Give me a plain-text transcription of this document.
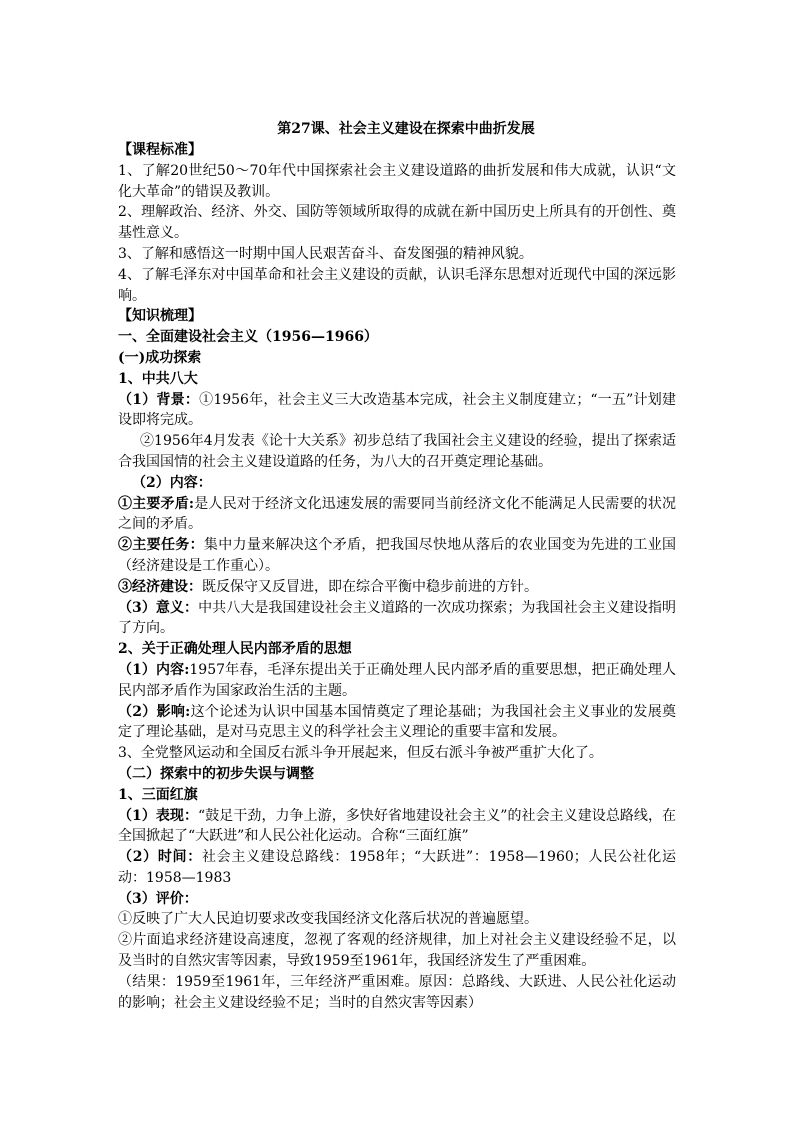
第27课、社会主义建设在探索中曲折发展
【课程标准】
1、了解20世纪50～70年代中国探索社会主义建设道路的曲折发展和伟大成就，认识“文化大革命”的错误及教训。
2、理解政治、经济、外交、国防等领域所取得的成就在新中国历史上所具有的开创性、奠基性意义。
3、了解和感悟这一时期中国人民艰苦奋斗、奋发图强的精神风貌。
4、了解毛泽东对中国革命和社会主义建设的贡献，认识毛泽东思想对近现代中国的深远影响。
【知识梳理】
一、全面建设社会主义（1956—1966）
(一)成功探索
1、中共八大
（1）背景：①1956年，社会主义三大改造基本完成，社会主义制度建立；“一五”计划建设即将完成。
②1956年4月发表《论十大关系》初步总结了我国社会主义建设的经验，提出了探索适合我国国情的社会主义建设道路的任务，为八大的召开奠定理论基础。
（2）内容：
①主要矛盾:是人民对于经济文化迅速发展的需要同当前经济文化不能满足人民需要的状况之间的矛盾。
②主要任务：集中力量来解决这个矛盾，把我国尽快地从落后的农业国变为先进的工业国（经济建设是工作重心）。
③经济建设：既反保守又反冒进，即在综合平衡中稳步前进的方针。
（3）意义：中共八大是我国建设社会主义道路的一次成功探索；为我国社会主义建设指明了方向。
2、关于正确处理人民内部矛盾的思想
（1）内容:1957年春，毛泽东提出关于正确处理人民内部矛盾的重要思想，把正确处理人民内部矛盾作为国家政治生活的主题。
（2）影响:这个论述为认识中国基本国情奠定了理论基础；为我国社会主义事业的发展奠定了理论基础，是对马克思主义的科学社会主义理论的重要丰富和发展。
3、全党整风运动和全国反右派斗争开展起来，但反右派斗争被严重扩大化了。
（二）探索中的初步失误与调整
1、三面红旗
（1）表现：“鼓足干劲，力争上游，多快好省地建设社会主义”的社会主义建设总路线，在全国掀起了“大跃进”和人民公社化运动。合称“三面红旗”
（2）时间：社会主义建设总路线：1958年；“大跃进”：1958—1960；人民公社化运动：1958—1983
（3）评价：
①反映了广大人民迫切要求改变我国经济文化落后状况的普遍愿望。
②片面追求经济建设高速度，忽视了客观的经济规律，加上对社会主义建设经验不足，以及当时的自然灾害等因素，导致1959至1961年，我国经济发生了严重困难。
（结果：1959至1961年，三年经济严重困难。原因：总路线、大跃进、人民公社化运动的影响；社会主义建设经验不足；当时的自然灾害等因素）
